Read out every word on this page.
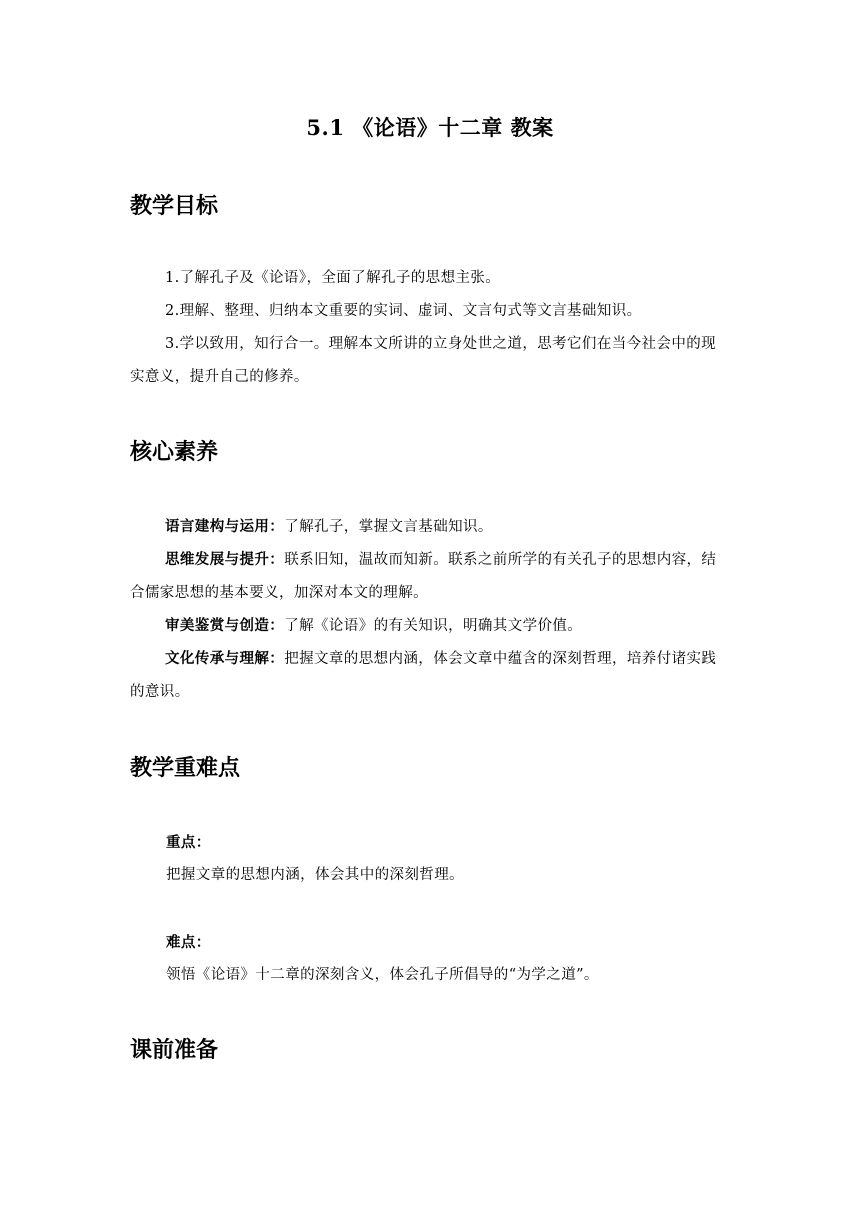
5.1 《论语》十二章 教案
教学目标
1.了解孔子及《论语》，全面了解孔子的思想主张。
2.理解、整理、归纳本文重要的实词、虚词、文言句式等文言基础知识。
3.学以致用，知行合一。理解本文所讲的立身处世之道，思考它们在当今社会中的现实意义，提升自己的修养。
核心素养
语言建构与运用：了解孔子，掌握文言基础知识。
思维发展与提升：联系旧知，温故而知新。联系之前所学的有关孔子的思想内容，结合儒家思想的基本要义，加深对本文的理解。
审美鉴赏与创造：了解《论语》的有关知识，明确其文学价值。
文化传承与理解：把握文章的思想内涵，体会文章中蕴含的深刻哲理，培养付诸实践的意识。
教学重难点
重点：
把握文章的思想内涵，体会其中的深刻哲理。
难点：
领悟《论语》十二章的深刻含义，体会孔子所倡导的“为学之道”。
课前准备
